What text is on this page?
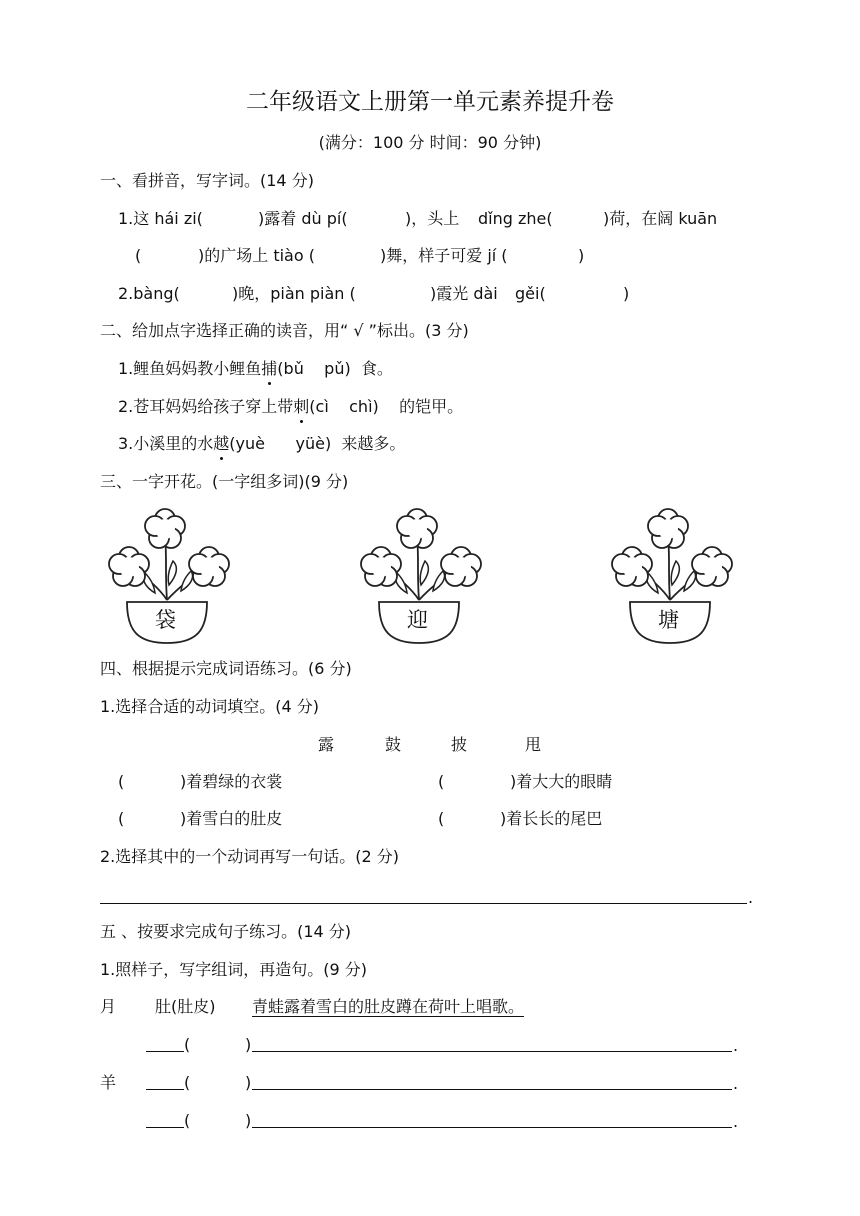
二年级语文上册第一单元素养提升卷
(满分：100 分 时间：90 分钟)
一、看拼音，写字词。(14 分)
1.这 hái zi(	)露着 dù pí(	)，头上 dǐng zhe(	)荷，在阔 kuān
(	)的广场上 tiào (	)舞，样子可爱 jí (	)
2.bàng(	)晚，piàn piàn (	)霞光 dài gěi(	)
二、给加点字选择正确的读音，用“ √ ”标出。(3 分)
1.鲤鱼妈妈教小鲤鱼捕(bǔ    pǔ)  食。
2.苍耳妈妈给孩子穿上带刺(cì    chì)    的铠甲。
3.小溪里的水越(yuè      yüè)  来越多。
三、一字开花。(一字组多词)(9 分)
袋	迎	塘
四、根据提示完成词语练习。(6 分)
1.选择合适的动词填空。(4 分)
露	鼓	披	甩
(	)着碧绿的衣裳	(	)着大大的眼睛
(	)着雪白的肚皮	(	)着长长的尾巴
2.选择其中的一个动词再写一句话。(2 分)
.
五 、按要求完成句子练习。(14 分)
1.照样子，写字组词，再造句。(9 分)
月 肚(肚皮) 青蛙露着雪白的肚皮蹲在荷叶上唱歌。
(	)	.
羊	(	)	.
(	)	.
